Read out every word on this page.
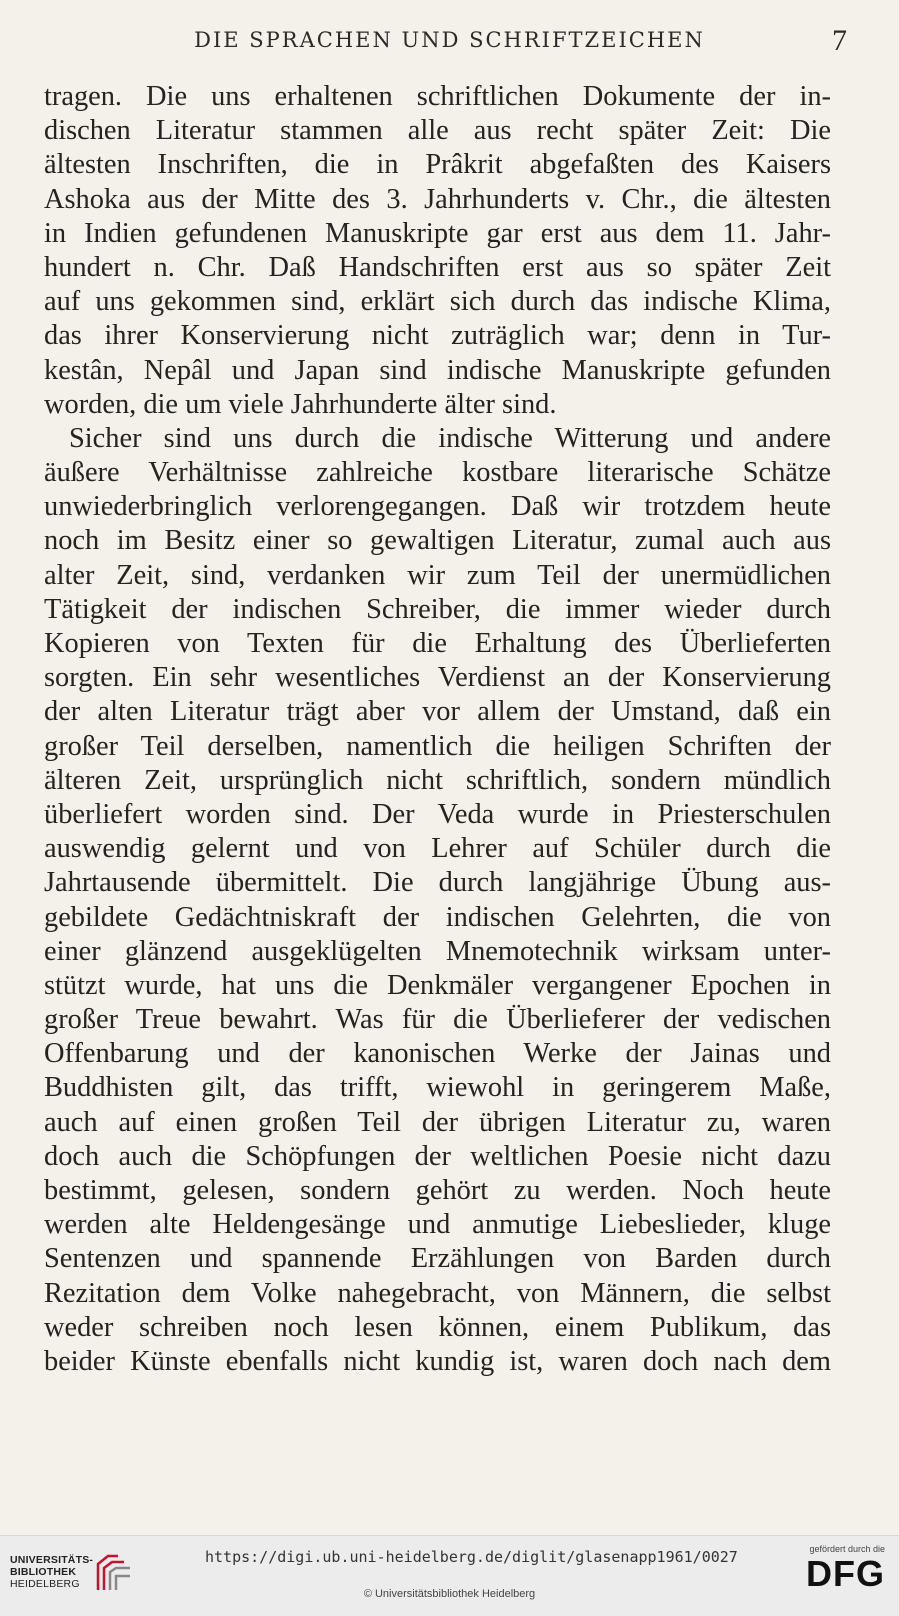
DIE SPRACHEN UND SCHRIFTZEICHEN	7
tragen. Die uns erhaltenen schriftlichen Dokumente der in-
dischen Literatur stammen alle aus recht später Zeit: Die
ältesten Inschriften, die in Prâkrit abgefaßten des Kaisers
Ashoka aus der Mitte des 3. Jahrhunderts v. Chr., die ältesten
in Indien gefundenen Manuskripte gar erst aus dem 11. Jahr-
hundert n. Chr. Daß Handschriften erst aus so später Zeit
auf uns gekommen sind, erklärt sich durch das indische Klima,
das ihrer Konservierung nicht zuträglich war; denn in Tur-
kestân, Nepâl und Japan sind indische Manuskripte gefunden
worden, die um viele Jahrhunderte älter sind.
Sicher sind uns durch die indische Witterung und andere
äußere Verhältnisse zahlreiche kostbare literarische Schätze
unwiederbringlich verlorengegangen. Daß wir trotzdem heute
noch im Besitz einer so gewaltigen Literatur, zumal auch aus
alter Zeit, sind, verdanken wir zum Teil der unermüdlichen
Tätigkeit der indischen Schreiber, die immer wieder durch
Kopieren von Texten für die Erhaltung des Überlieferten
sorgten. Ein sehr wesentliches Verdienst an der Konservierung
der alten Literatur trägt aber vor allem der Umstand, daß ein
großer Teil derselben, namentlich die heiligen Schriften der
älteren Zeit, ursprünglich nicht schriftlich, sondern mündlich
überliefert worden sind. Der Veda wurde in Priesterschulen
auswendig gelernt und von Lehrer auf Schüler durch die
Jahrtausende übermittelt. Die durch langjährige Übung aus-
gebildete Gedächtniskraft der indischen Gelehrten, die von
einer glänzend ausgeklügelten Mnemotechnik wirksam unter-
stützt wurde, hat uns die Denkmäler vergangener Epochen in
großer Treue bewahrt. Was für die Überlieferer der vedischen
Offenbarung und der kanonischen Werke der Jainas und
Buddhisten gilt, das trifft, wiewohl in geringerem Maße,
auch auf einen großen Teil der übrigen Literatur zu, waren
doch auch die Schöpfungen der weltlichen Poesie nicht dazu
bestimmt, gelesen, sondern gehört zu werden. Noch heute
werden alte Heldengesänge und anmutige Liebeslieder, kluge
Sentenzen und spannende Erzählungen von Barden durch
Rezitation dem Volke nahegebracht, von Männern, die selbst
weder schreiben noch lesen können, einem Publikum, das
beider Künste ebenfalls nicht kundig ist, waren doch nach dem
UNIVERSITÄTS-
BIBLIOTHEK
HEIDELBERG
https://digi.ub.uni-heidelberg.de/diglit/glasenapp1961/0027
© Universitätsbibliothek Heidelberg
gefördert durch die
DFG
